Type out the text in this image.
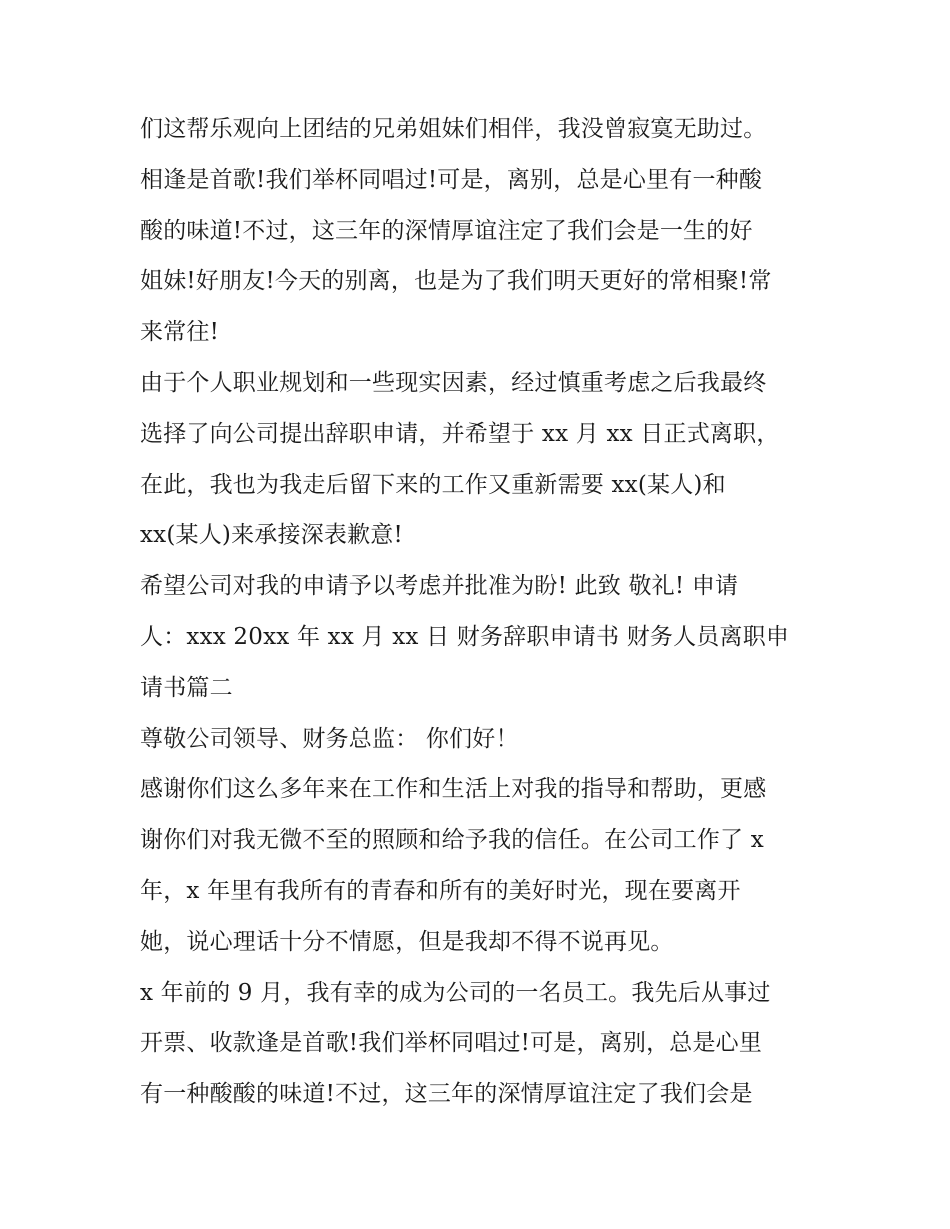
们这帮乐观向上团结的兄弟姐妹们相伴，我没曾寂寞无助过。
相逢是首歌!我们举杯同唱过!可是，离别，总是心里有一种酸
酸的味道!不过，这三年的深情厚谊注定了我们会是一生的好
姐妹!好朋友!今天的别离，也是为了我们明天更好的常相聚!常
来常往!
由于个人职业规划和一些现实因素，经过慎重考虑之后我最终
选择了向公司提出辞职申请，并希望于 xx 月 xx 日正式离职，
在此，我也为我走后留下来的工作又重新需要 xx(某人)和
xx(某人)来承接深表歉意!
希望公司对我的申请予以考虑并批准为盼! 此致 敬礼! 申请
人：xxx 20xx 年 xx 月 xx 日 财务辞职申请书 财务人员离职申
请书篇二
尊敬公司领导、财务总监： 你们好！
感谢你们这么多年来在工作和生活上对我的指导和帮助，更感
谢你们对我无微不至的照顾和给予我的信任。在公司工作了 x
年，x 年里有我所有的青春和所有的美好时光，现在要离开
她，说心理话十分不情愿，但是我却不得不说再见。
x 年前的 9 月，我有幸的成为公司的一名员工。我先后从事过
开票、收款逢是首歌!我们举杯同唱过!可是，离别，总是心里
有一种酸酸的味道!不过，这三年的深情厚谊注定了我们会是
